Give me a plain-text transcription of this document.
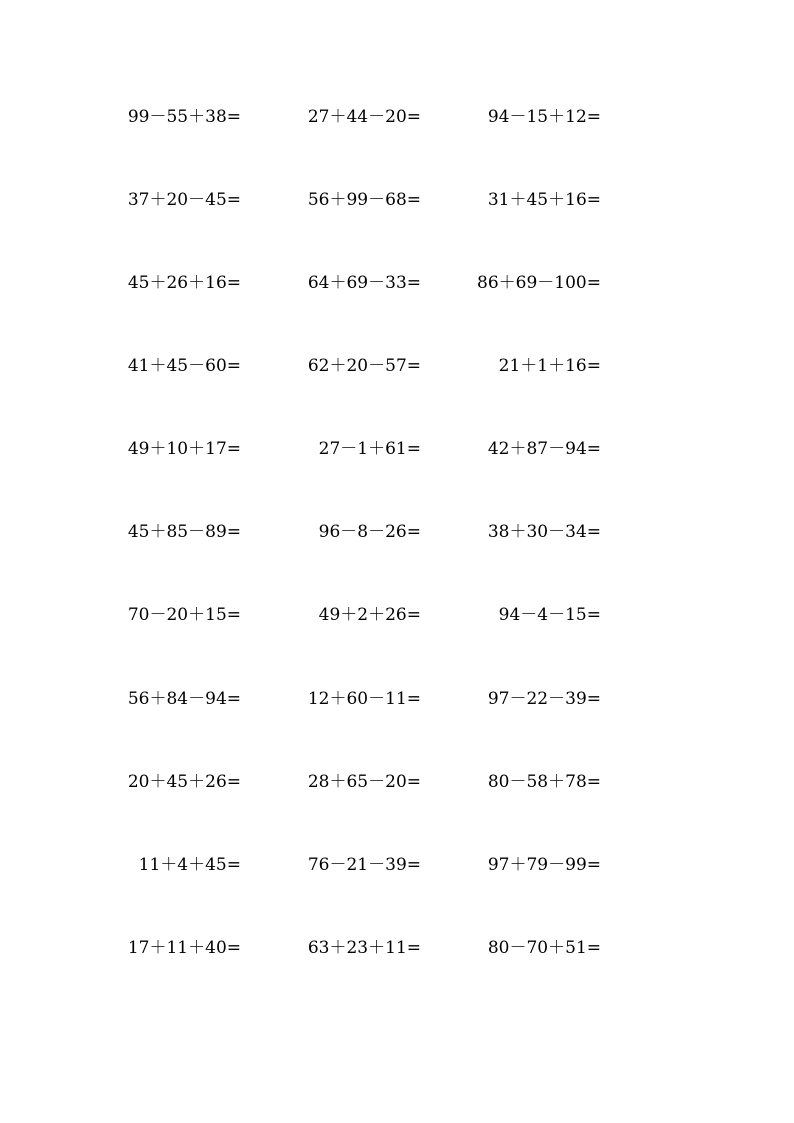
99－55＋38=	27＋44－20=	94－15＋12=
37＋20－45=	56＋99－68=	31＋45＋16=
45＋26＋16=	64＋69－33=	86＋69－100=
41＋45－60=	62＋20－57=	21＋1＋16=
49＋10＋17=	27－1＋61=	42＋87－94=
45＋85－89=	96－8－26=	38＋30－34=
70－20＋15=	49＋2＋26=	94－4－15=
56＋84－94=	12＋60－11=	97－22－39=
20＋45＋26=	28＋65－20=	80－58＋78=
11＋4＋45=	76－21－39=	97＋79－99=
17＋11＋40=	63＋23＋11=	80－70＋51=
